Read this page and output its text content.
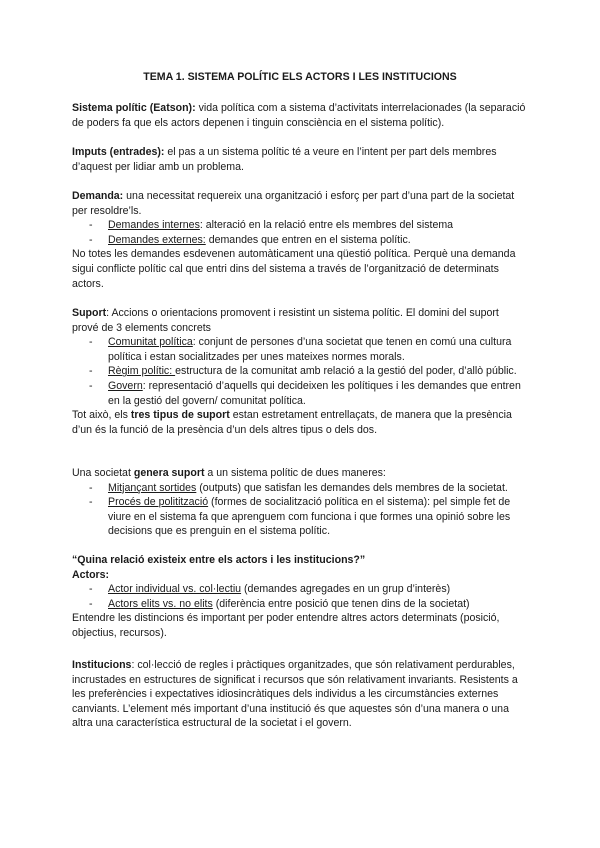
TEMA 1. SISTEMA POLÍTIC ELS ACTORS I LES INSTITUCIONS

Sistema polític (Eatson): vida política com a sistema d’activitats interrelacionades (la separació de poders fa que els actors depenen i tinguin consciència en el sistema polític).

Imputs (entrades): el pas a un sistema polític té a veure en l’intent per part dels membres d’aquest per lidiar amb un problema.

Demanda: una necessitat requereix una organització i esforç per part d’una part de la societat per resoldre’ls.

- Demandes internes: alteració en la relació entre els membres del sistema
- Demandes externes: demandes que entren en el sistema polític.

No totes les demandes esdevenen automàticament una qüestió política. Perquè una demanda sigui conflicte polític cal que entri dins del sistema a través de l’organització de determinats actors.

Suport: Accions o orientacions promovent i resistint un sistema polític. El domini del suport prové de 3 elements concrets

- Comunitat política: conjunt de persones d’una societat que tenen en comú una cultura política i estan socialitzades per unes mateixes normes morals.
- Règim polític: estructura de la comunitat amb relació a la gestió del poder, d’allò públic.
- Govern: representació d’aquells qui decideixen les polítiques i les demandes que entren en la gestió del govern/ comunitat política.

Tot això, els tres tipus de suport estan estretament entrellaçats, de manera que la presència d’un és la funció de la presència d’un dels altres tipus o dels dos.

Una societat genera suport a un sistema polític de dues maneres:

- Mitjançant sortides (outputs) que satisfan les demandes dels membres de la societat.
- Procés de politització (formes de socialització política en el sistema): pel simple fet de viure en el sistema fa que aprenguem com funciona i que formes una opinió sobre les decisions que es prenguin en el sistema polític.

“Quina relació existeix entre els actors i les institucions?”

Actors:

- Actor individual vs. col·lectiu (demandes agregades en un grup d’interès)
- Actors elits vs. no elits (diferència entre posició que tenen dins de la societat)

Entendre les distincions és important per poder entendre altres actors determinats (posició, objectius, recursos).

Institucions: col·lecció de regles i pràctiques organitzades, que són relativament perdurables, incrustades en estructures de significat i recursos que són relativament invariants. Resistents a les preferències i expectatives idiosincràtiques dels individus a les circumstàncies externes canviants. L’element més important d’una institució és que aquestes són d’una manera o una altra una característica estructural de la societat i el govern.
